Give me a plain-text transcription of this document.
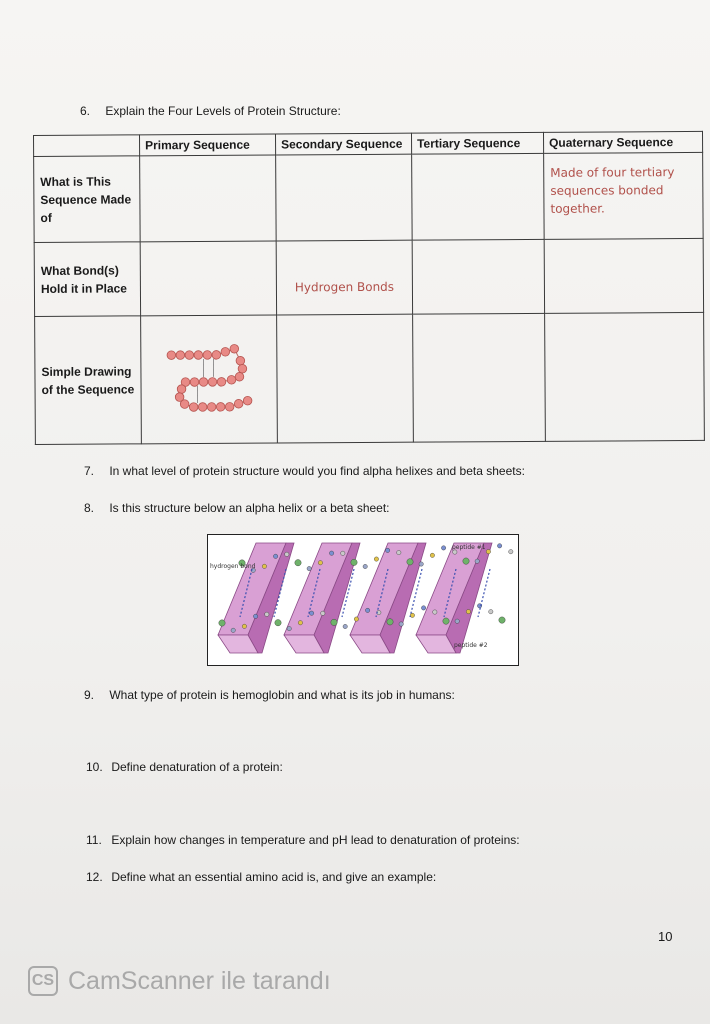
6. Explain the Four Levels of Protein Structure:
	Primary Sequence	Secondary Sequence	Tertiary Sequence	Quaternary Sequence
What is This Sequence Made of				Made of four tertiary sequences bonded together.
What Bond(s) Hold it in Place		Hydrogen Bonds		
Simple Drawing of the Sequence				
7. In what level of protein structure would you find alpha helixes and beta sheets:
8. Is this structure below an alpha helix or a beta sheet:
hydrogen bond
peptide #1
peptide #2
9. What type of protein is hemoglobin and what is its job in humans:
10. Define denaturation of a protein:
11. Explain how changes in temperature and pH lead to denaturation of proteins:
12. Define what an essential amino acid is, and give an example:
10
CS CamScanner ile tarandı
